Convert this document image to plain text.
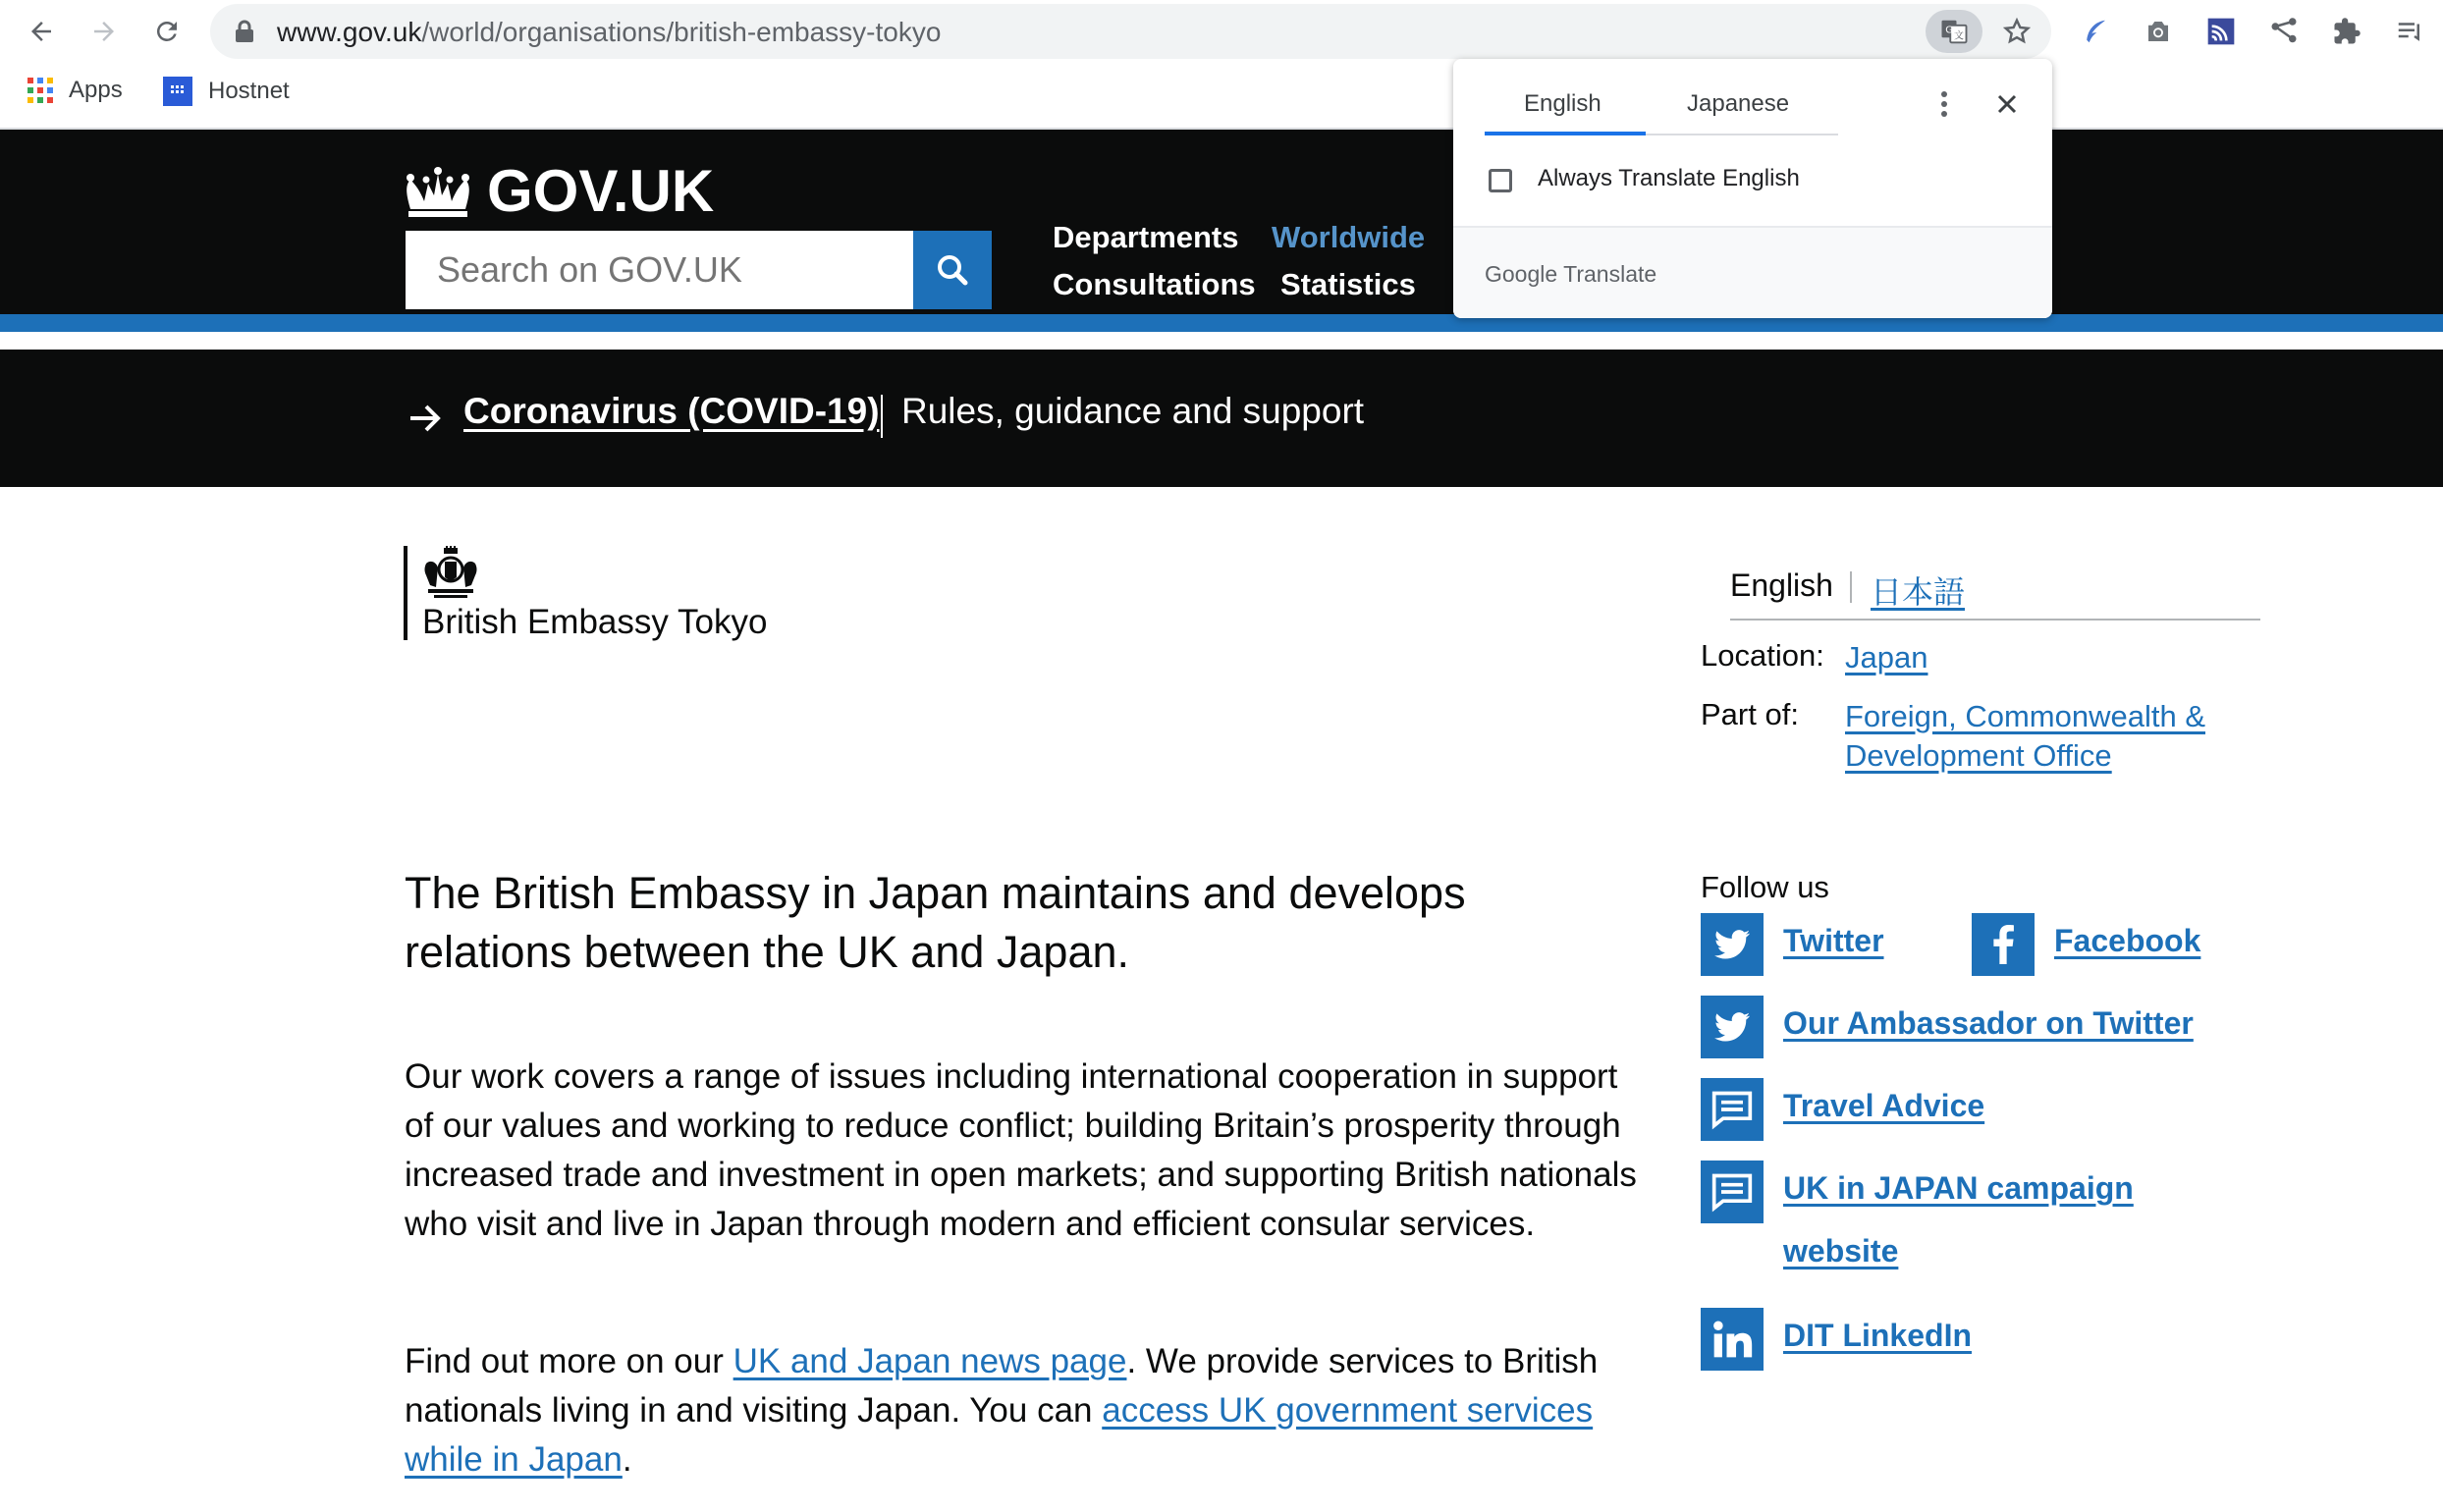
www.gov.uk/world/organisations/british-embassy-tokyo	G
文
Apps	Hostnet
GOV.UK
Search on GOV.UK
Departments Worldwide
Consultations Statistics
Coronavirus (COVID-19) Rules, guidance and support
British Embassy Tokyo
English 日本語
Location: Japan
Part of: Foreign, Commonwealth & Development Office
The British Embassy in Japan maintains and develops relations between the UK and Japan.
Our work covers a range of issues including international cooperation in support of our values and working to reduce conflict; building Britain’s prosperity through increased trade and investment in open markets; and supporting British nationals who visit and live in Japan through modern and efficient consular services.
Find out more on our UK and Japan news page. We provide services to British nationals living in and visiting Japan. You can access UK government services while in Japan.
Follow us
Twitter	Facebook
Our Ambassador on Twitter
Travel Advice
UK in JAPAN campaign
website
DIT LinkedIn
English	Japanese
Always Translate English
Google Translate
